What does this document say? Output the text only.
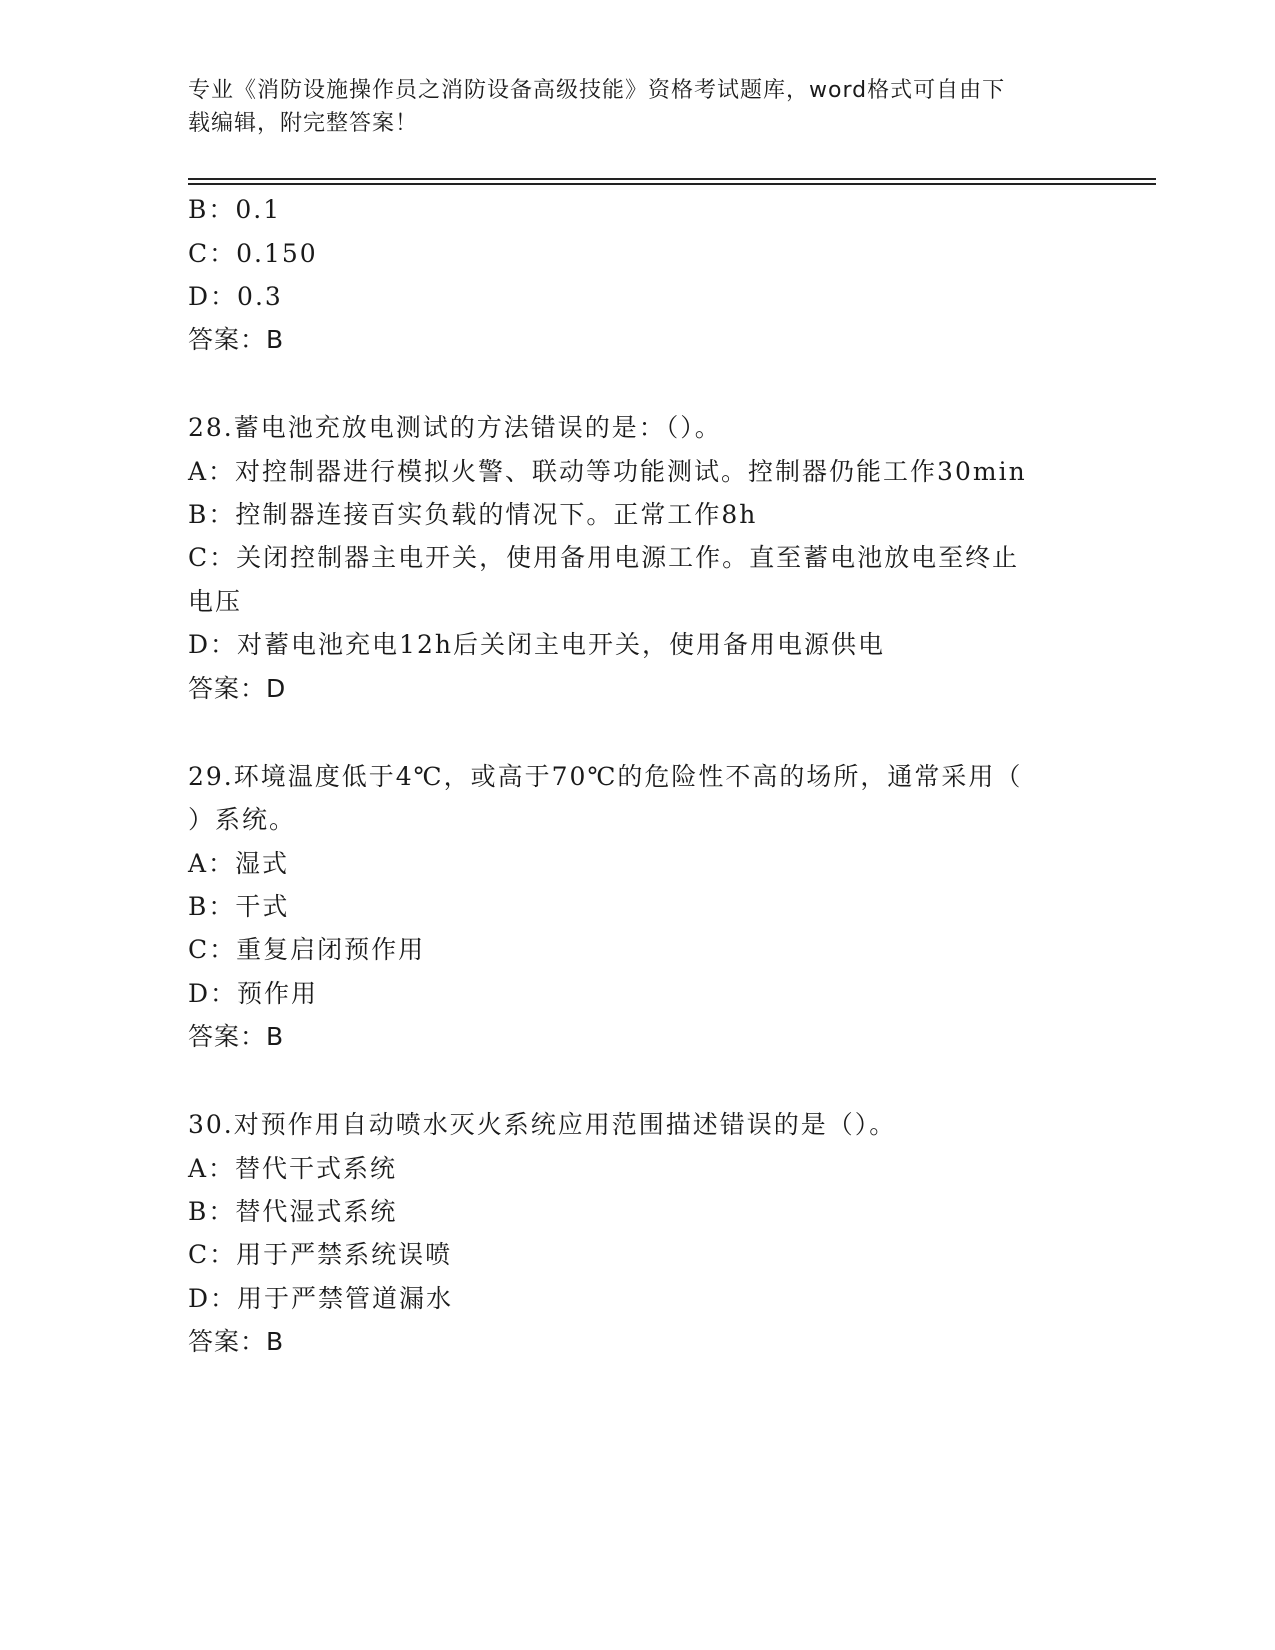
专业《消防设施操作员之消防设备高级技能》资格考试题库，word格式可自由下
载编辑，附完整答案！
B：0.1
C：0.150
D：0.3
答案：B
28.蓄电池充放电测试的方法错误的是：（）。
A：对控制器进行模拟火警、联动等功能测试。控制器仍能工作30min
B：控制器连接百实负载的情况下。正常工作8h
C：关闭控制器主电开关，使用备用电源工作。直至蓄电池放电至终止
电压
D：对蓄电池充电12h后关闭主电开关，使用备用电源供电
答案：D
29.环境温度低于4℃，或高于70℃的危险性不高的场所，通常采用（
）系统。
A：湿式
B：干式
C：重复启闭预作用
D：预作用
答案：B
30.对预作用自动喷水灭火系统应用范围描述错误的是（）。
A：替代干式系统
B：替代湿式系统
C：用于严禁系统误喷
D：用于严禁管道漏水
答案：B
